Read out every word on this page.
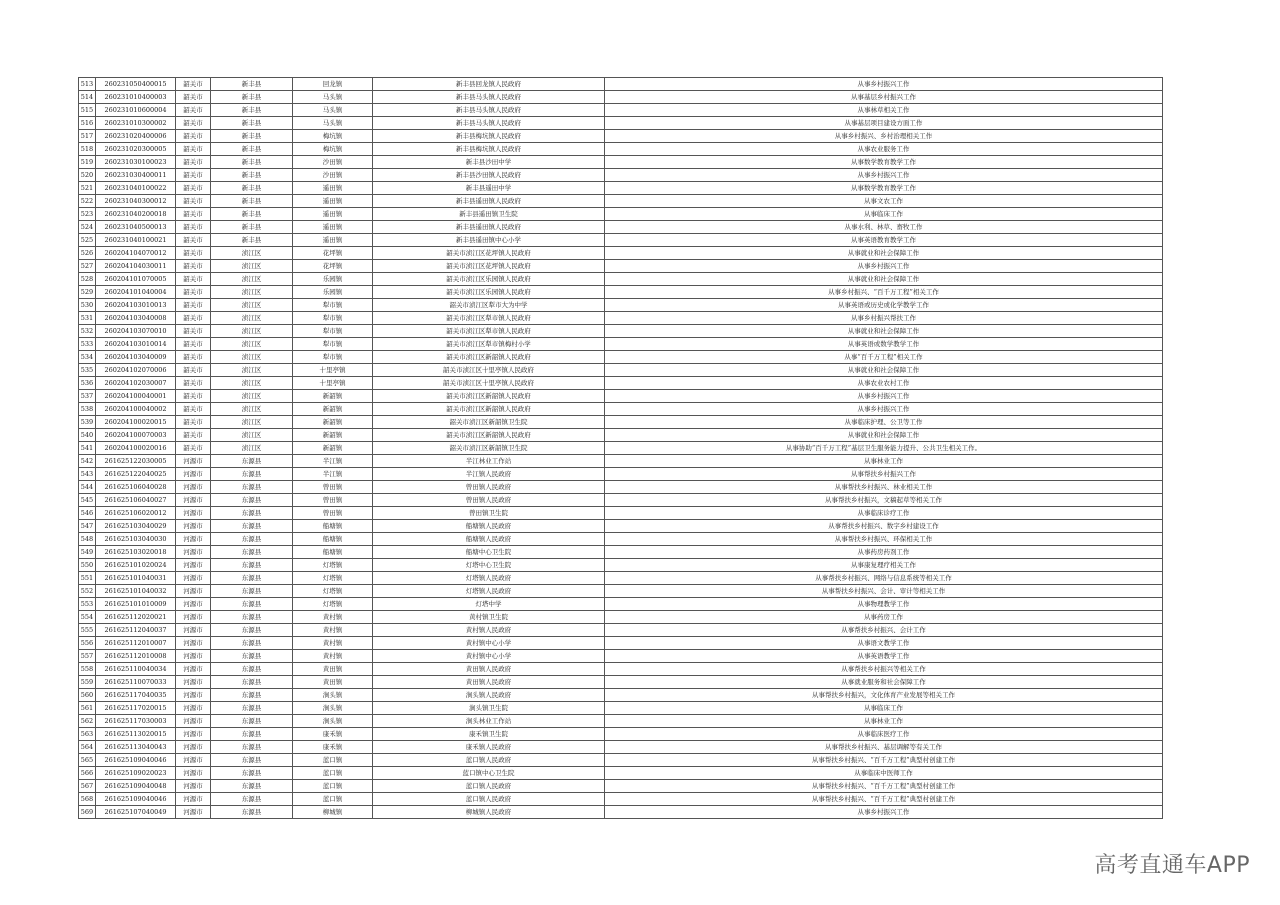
513	260231050400015	韶关市	新丰县	回龙镇	新丰县回龙镇人民政府	从事乡村振兴工作
514	260231010400003	韶关市	新丰县	马头镇	新丰县马头镇人民政府	从事基层乡村振兴工作
515	260231010600004	韶关市	新丰县	马头镇	新丰县马头镇人民政府	从事林草相关工作
516	260231010300002	韶关市	新丰县	马头镇	新丰县马头镇人民政府	从事基层项目建设方面工作
517	260231020400006	韶关市	新丰县	梅坑镇	新丰县梅坑镇人民政府	从事乡村振兴、乡村治理相关工作
518	260231020300005	韶关市	新丰县	梅坑镇	新丰县梅坑镇人民政府	从事农业服务工作
519	260231030100023	韶关市	新丰县	沙田镇	新丰县沙田中学	从事数学教育教学工作
520	260231030400011	韶关市	新丰县	沙田镇	新丰县沙田镇人民政府	从事乡村振兴工作
521	260231040100022	韶关市	新丰县	遥田镇	新丰县遥田中学	从事数学教育教学工作
522	260231040300012	韶关市	新丰县	遥田镇	新丰县遥田镇人民政府	从事文农工作
523	260231040200018	韶关市	新丰县	遥田镇	新丰县遥田镇卫生院	从事临床工作
524	260231040500013	韶关市	新丰县	遥田镇	新丰县遥田镇人民政府	从事水利、林草、畜牧工作
525	260231040100021	韶关市	新丰县	遥田镇	新丰县遥田镇中心小学	从事英语教育教学工作
526	260204104070012	韶关市	浈江区	花坪镇	韶关市浈江区花坪镇人民政府	从事就业和社会保障工作
527	260204104030011	韶关市	浈江区	花坪镇	韶关市浈江区花坪镇人民政府	从事乡村振兴工作
528	260204101070005	韶关市	浈江区	乐园镇	韶关市浈江区乐园镇人民政府	从事就业和社会保障工作
529	260204101040004	韶关市	浈江区	乐园镇	韶关市浈江区乐园镇人民政府	从事乡村振兴、“百千万工程”相关工作
530	260204103010013	韶关市	浈江区	犁市镇	韶关市浈江区犁市大为中学	从事英语或历史或化学教学工作
531	260204103040008	韶关市	浈江区	犁市镇	韶关市浈江区犁市镇人民政府	从事乡村振兴帮扶工作
532	260204103070010	韶关市	浈江区	犁市镇	韶关市浈江区犁市镇人民政府	从事就业和社会保障工作
533	260204103010014	韶关市	浈江区	犁市镇	韶关市浈江区犁市镇梅村小学	从事英语或数学教学工作
534	260204103040009	韶关市	浈江区	犁市镇	韶关市浈江区新韶镇人民政府	从事“百千万工程”相关工作
535	260204102070006	韶关市	浈江区	十里亭镇	韶关市浈江区十里亭镇人民政府	从事就业和社会保障工作
536	260204102030007	韶关市	浈江区	十里亭镇	韶关市浈江区十里亭镇人民政府	从事农业农村工作
537	260204100040001	韶关市	浈江区	新韶镇	韶关市浈江区新韶镇人民政府	从事乡村振兴工作
538	260204100040002	韶关市	浈江区	新韶镇	韶关市浈江区新韶镇人民政府	从事乡村振兴工作
539	260204100020015	韶关市	浈江区	新韶镇	韶关市浈江区新韶镇卫生院	从事临床护理、公卫等工作
540	260204100070003	韶关市	浈江区	新韶镇	韶关市浈江区新韶镇人民政府	从事就业和社会保障工作
541	260204100020016	韶关市	浈江区	新韶镇	韶关市浈江区新韶镇卫生院	从事协助“百千万工程”基层卫生服务能力提升、公共卫生相关工作。
542	261625122030005	河源市	东源县	半江镇	半江林业工作站	从事林业工作
543	261625122040025	河源市	东源县	半江镇	半江镇人民政府	从事帮扶乡村振兴工作
544	261625106040028	河源市	东源县	曾田镇	曾田镇人民政府	从事帮扶乡村振兴、林业相关工作
545	261625106040027	河源市	东源县	曾田镇	曾田镇人民政府	从事帮扶乡村振兴，文稿起草等相关工作
546	261625106020012	河源市	东源县	曾田镇	曾田镇卫生院	从事临床诊疗工作
547	261625103040029	河源市	东源县	船塘镇	船塘镇人民政府	从事帮扶乡村振兴、数字乡村建设工作
548	261625103040030	河源市	东源县	船塘镇	船塘镇人民政府	从事帮扶乡村振兴、环保相关工作
549	261625103020018	河源市	东源县	船塘镇	船塘中心卫生院	从事药房药剂工作
550	261625101020024	河源市	东源县	灯塔镇	灯塔中心卫生院	从事康复理疗相关工作
551	261625101040031	河源市	东源县	灯塔镇	灯塔镇人民政府	从事帮扶乡村振兴、网络与信息系统等相关工作
552	261625101040032	河源市	东源县	灯塔镇	灯塔镇人民政府	从事帮扶乡村振兴、会计、审计等相关工作
553	261625101010009	河源市	东源县	灯塔镇	灯塔中学	从事物理教学工作
554	261625112020021	河源市	东源县	黄村镇	黄村镇卫生院	从事药房工作
555	261625112040037	河源市	东源县	黄村镇	黄村镇人民政府	从事帮扶乡村振兴、会计工作
556	261625112010007	河源市	东源县	黄村镇	黄村镇中心小学	从事语文教学工作
557	261625112010008	河源市	东源县	黄村镇	黄村镇中心小学	从事英语教学工作
558	261625110040034	河源市	东源县	黄田镇	黄田镇人民政府	从事帮扶乡村振兴等相关工作
559	261625110070033	河源市	东源县	黄田镇	黄田镇人民政府	从事就业服务和社会保障工作
560	261625117040035	河源市	东源县	涧头镇	涧头镇人民政府	从事帮扶乡村振兴，文化体育产业发展等相关工作
561	261625117020015	河源市	东源县	涧头镇	涧头镇卫生院	从事临床工作
562	261625117030003	河源市	东源县	涧头镇	涧头林业工作站	从事林业工作
563	261625113020015	河源市	东源县	康禾镇	康禾镇卫生院	从事临床医疗工作
564	261625113040043	河源市	东源县	康禾镇	康禾镇人民政府	从事帮扶乡村振兴、基层调解等有关工作
565	261625109040046	河源市	东源县	蓝口镇	蓝口镇人民政府	从事帮扶乡村振兴、“百千万工程”典型村创建工作
566	261625109020023	河源市	东源县	蓝口镇	蓝口镇中心卫生院	从事临床中医师工作
567	261625109040048	河源市	东源县	蓝口镇	蓝口镇人民政府	从事帮扶乡村振兴、“百千万工程”典型村创建工作
568	261625109040046	河源市	东源县	蓝口镇	蓝口镇人民政府	从事帮扶乡村振兴、“百千万工程”典型村创建工作
569	261625107040049	河源市	东源县	柳城镇	柳城镇人民政府	从事乡村振兴工作
高考直通车APP
